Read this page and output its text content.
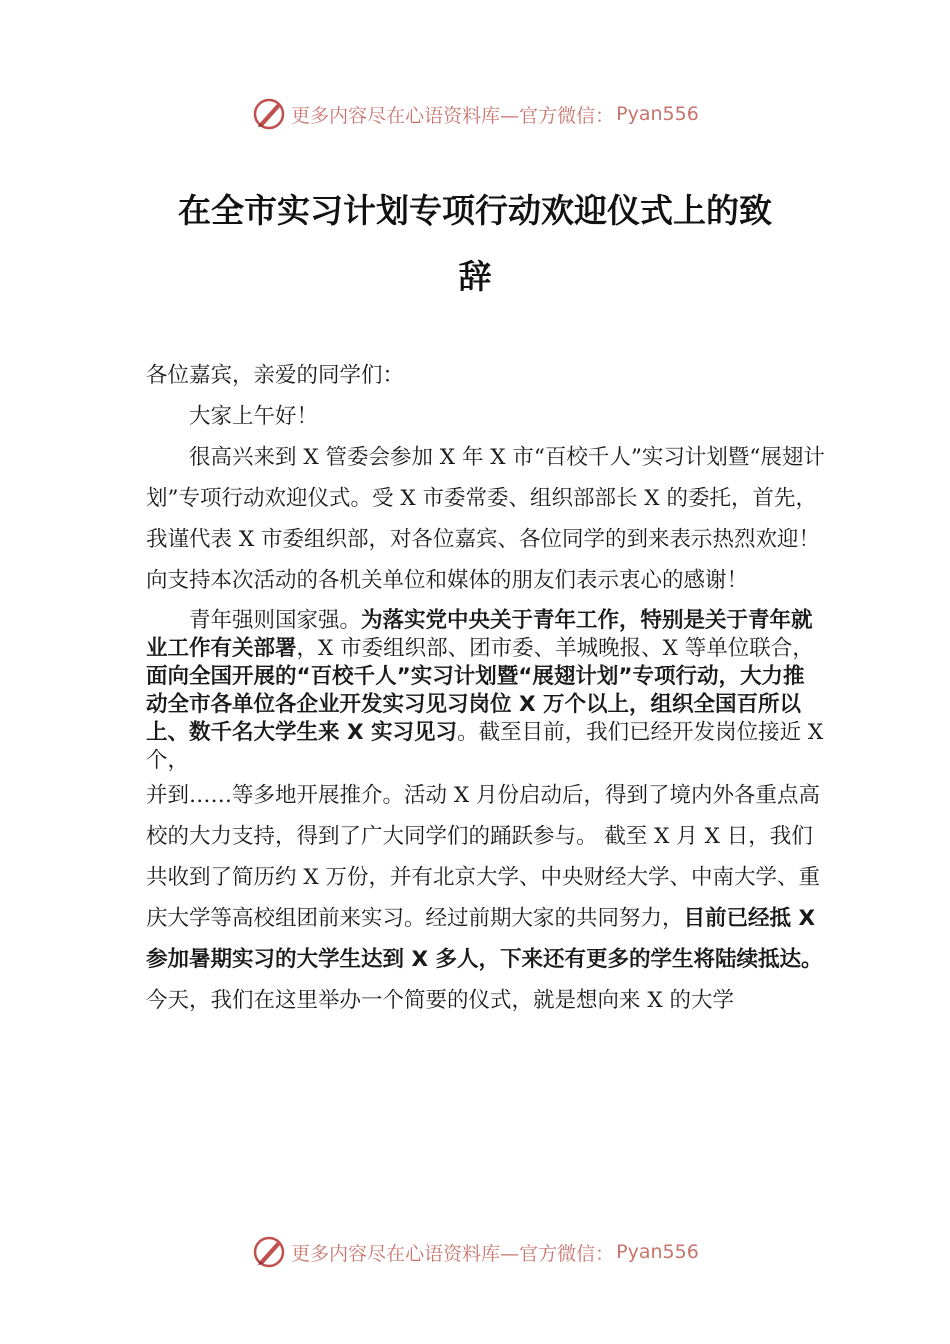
更多内容尽在心语资料库—官方微信： Pyan556
在全市实习计划专项行动欢迎仪式上的致
辞

各位嘉宾，亲爱的同学们：

大家上午好！

很高兴来到 X 管委会参加 X 年 X 市“百校千人”实习计划暨“展翅计划”专项行动欢迎仪式。受 X 市委常委、组织部部长 X 的委托，首先，我谨代表 X 市委组织部，对各位嘉宾、各位同学的到来表示热烈欢迎！向支持本次活动的各机关单位和媒体的朋友们表示衷心的感谢！

青年强则国家强。为落实党中央关于青年工作，特别是关于青年就业工作有关部署，X 市委组织部、团市委、羊城晚报、X 等单位联合，面向全国开展的“百校千人”实习计划暨“展翅计划”专项行动，大力推动全市各单位各企业开发实习见习岗位 X 万个以上，组织全国百所以上、数千名大学生来 X 实习见习。截至目前，我们已经开发岗位接近 X 个，

并到……等多地开展推介。活动 X 月份启动后，得到了境内外各重点高校的大力支持，得到了广大同学们的踊跃参与。 截至 X 月 X 日，我们共收到了简历约 X 万份，并有北京大学、中央财经大学、中南大学、重庆大学等高校组团前来实习。经过前期大家的共同努力，目前已经抵 X 参加暑期实习的大学生达到 X 多人，下来还有更多的学生将陆续抵达。今天，我们在这里举办一个简要的仪式，就是想向来 X 的大学

更多内容尽在心语资料库—官方微信： Pyan556
